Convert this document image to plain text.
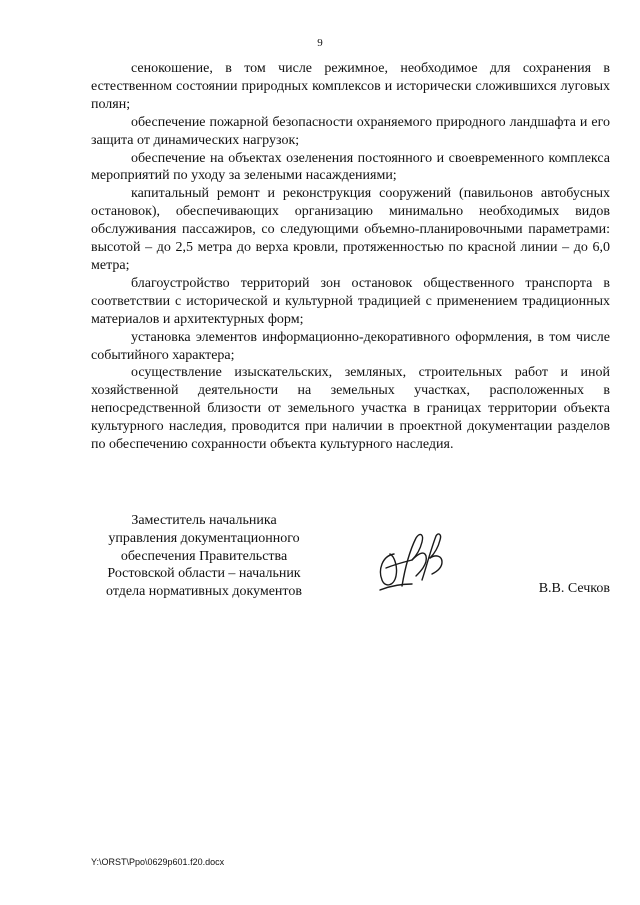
9

сенокошение, в том числе режимное, необходимое для сохранения в естественном состоянии природных комплексов и исторически сложившихся луговых полян;

обеспечение пожарной безопасности охраняемого природного ландшафта и его защита от динамических нагрузок;

обеспечение на объектах озеленения постоянного и своевременного комплекса мероприятий по уходу за зелеными насаждениями;

капитальный ремонт и реконструкция сооружений (павильонов автобусных остановок), обеспечивающих организацию минимально необходимых видов обслуживания пассажиров, со следующими объемно-планировочными параметрами: высотой – до 2,5 метра до верха кровли, протяженностью по красной линии – до 6,0 метра;

благоустройство территорий зон остановок общественного транспорта в соответствии с исторической и культурной традицией с применением традиционных материалов и архитектурных форм;

установка элементов информационно-декоративного оформления, в том числе событийного характера;

осуществление изыскательских, земляных, строительных работ и иной хозяйственной деятельности на земельных участках, расположенных в непосредственной близости от земельного участка в границах территории объекта культурного наследия, проводится при наличии в проектной документации разделов по обеспечению сохранности объекта культурного наследия.

Заместитель начальника
управления документационного
обеспечения Правительства
Ростовской области – начальник
отдела нормативных документов	В.В. Сечков
Y:\ORST\Ppo\0629p601.f20.docx
